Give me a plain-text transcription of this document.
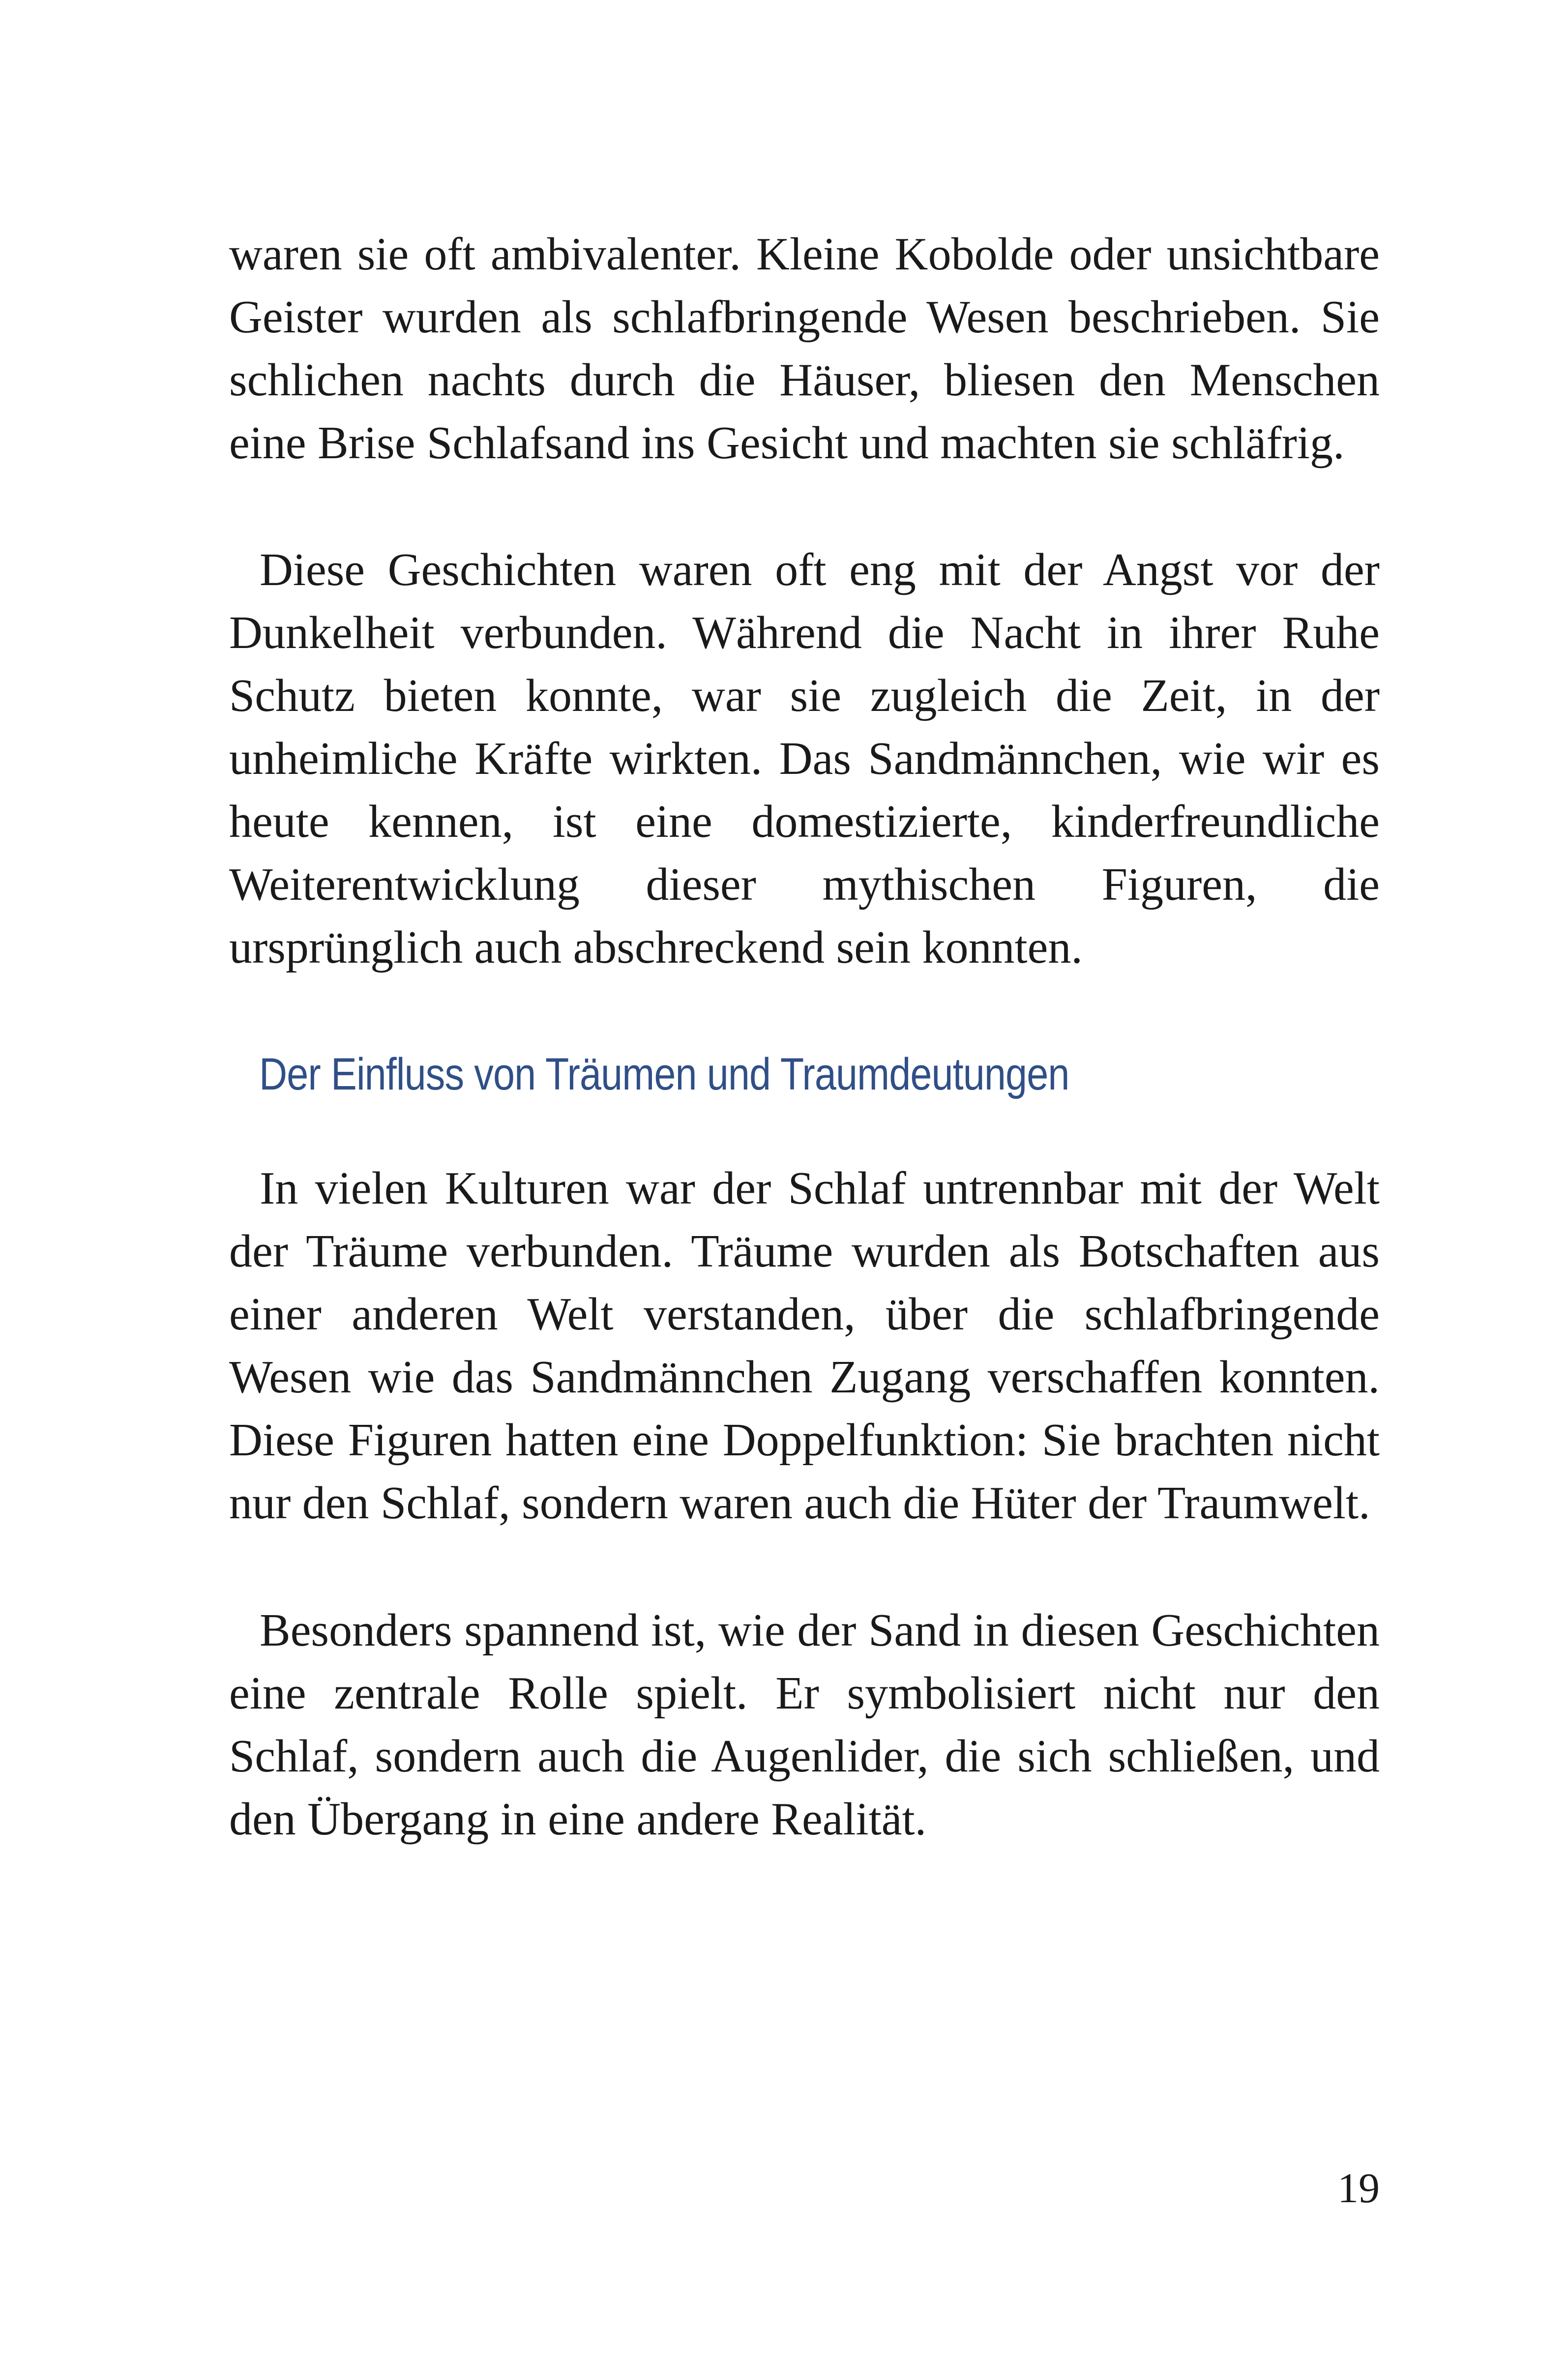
waren sie oft ambivalenter. Kleine Kobolde oder unsichtbare Geister wurden als schlafbringende Wesen beschrieben. Sie schlichen nachts durch die Häuser, bliesen den Menschen eine Brise Schlafsand ins Gesicht und machten sie schläfrig.

Diese Geschichten waren oft eng mit der Angst vor der Dunkelheit verbunden. Während die Nacht in ihrer Ruhe Schutz bieten konnte, war sie zugleich die Zeit, in der unheimliche Kräfte wirkten. Das Sandmännchen, wie wir es heute kennen, ist eine domestizierte, kinderfreundliche Weiterentwicklung dieser mythischen Figuren, die ursprünglich auch abschreckend sein konnten.

Der Einfluss von Träumen und Traumdeutungen

In vielen Kulturen war der Schlaf untrennbar mit der Welt der Träume verbunden. Träume wurden als Botschaften aus einer anderen Welt verstanden, über die schlafbringende Wesen wie das Sandmännchen Zugang verschaffen konnten. Diese Figuren hatten eine Doppelfunktion: Sie brachten nicht nur den Schlaf, sondern waren auch die Hüter der Traumwelt.

Besonders spannend ist, wie der Sand in diesen Geschichten eine zentrale Rolle spielt. Er symbolisiert nicht nur den Schlaf, sondern auch die Augenlider, die sich schließen, und den Übergang in eine andere Realität.

19
